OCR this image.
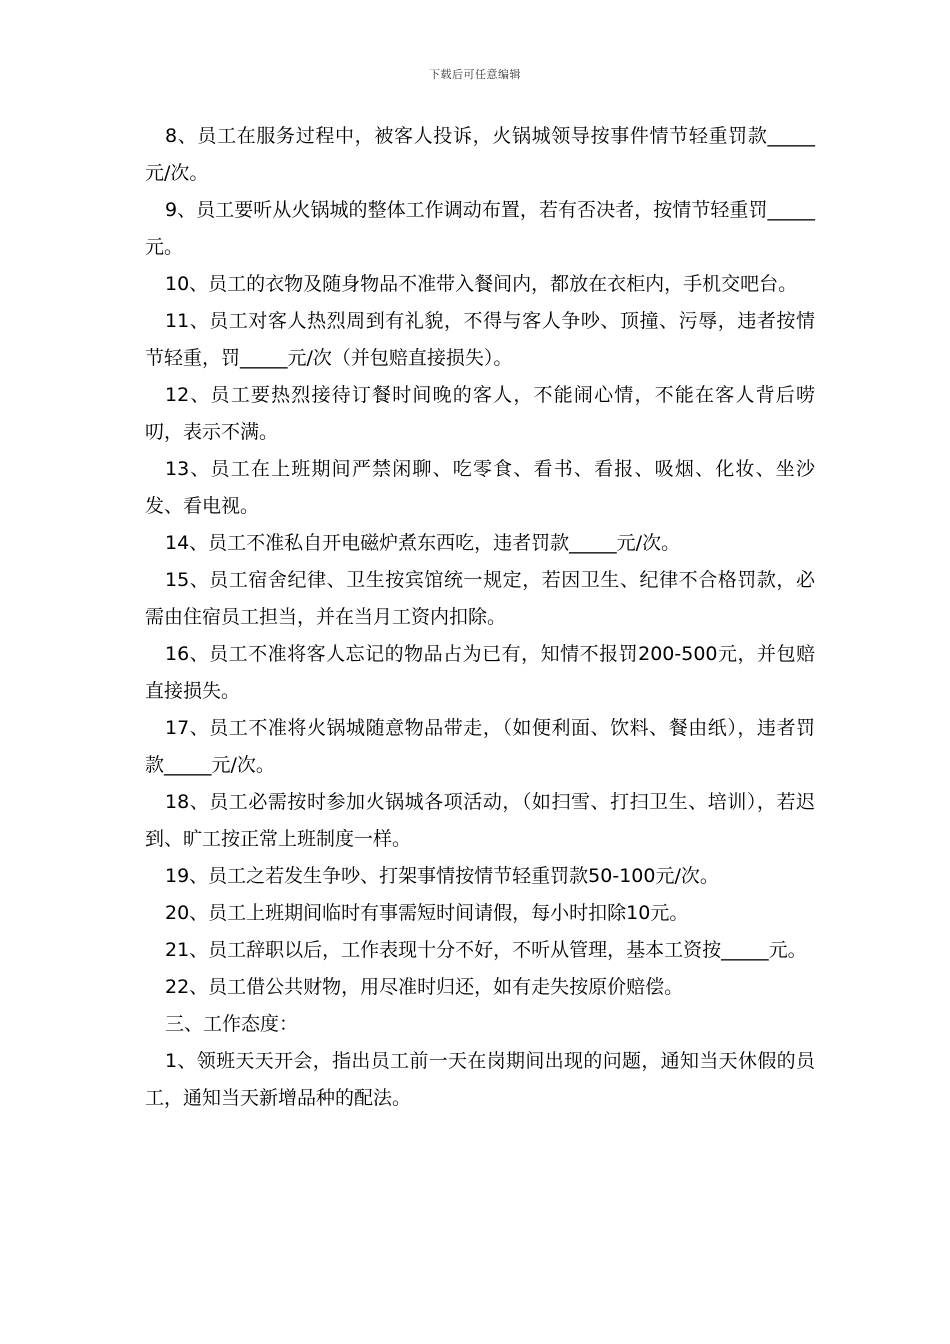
下载后可任意编辑

8、员工在服务过程中，被客人投诉，火锅城领导按事件情节轻重罚款_____元/次。

9、员工要听从火锅城的整体工作调动布置，若有否决者，按情节轻重罚_____元。

10、员工的衣物及随身物品不准带入餐间内，都放在衣柜内，手机交吧台。

11、员工对客人热烈周到有礼貌，不得与客人争吵、顶撞、污辱，违者按情节轻重，罚_____元/次（并包赔直接损失）。

12、员工要热烈接待订餐时间晚的客人，不能闹心情，不能在客人背后唠叨，表示不满。

13、员工在上班期间严禁闲聊、吃零食、看书、看报、吸烟、化妆、坐沙发、看电视。

14、员工不准私自开电磁炉煮东西吃，违者罚款_____元/次。

15、员工宿舍纪律、卫生按宾馆统一规定，若因卫生、纪律不合格罚款，必需由住宿员工担当，并在当月工资内扣除。

16、员工不准将客人忘记的物品占为已有，知情不报罚200-500元，并包赔直接损失。

17、员工不准将火锅城随意物品带走，（如便利面、饮料、餐由纸），违者罚款_____元/次。

18、员工必需按时参加火锅城各项活动，（如扫雪、打扫卫生、培训），若迟到、旷工按正常上班制度一样。

19、员工之若发生争吵、打架事情按情节轻重罚款50-100元/次。

20、员工上班期间临时有事需短时间请假，每小时扣除10元。

21、员工辞职以后，工作表现十分不好，不听从管理，基本工资按_____元。

22、员工借公共财物，用尽准时归还，如有走失按原价赔偿。

三、工作态度：

1、领班天天开会，指出员工前一天在岗期间出现的问题，通知当天休假的员工，通知当天新增品种的配法。
